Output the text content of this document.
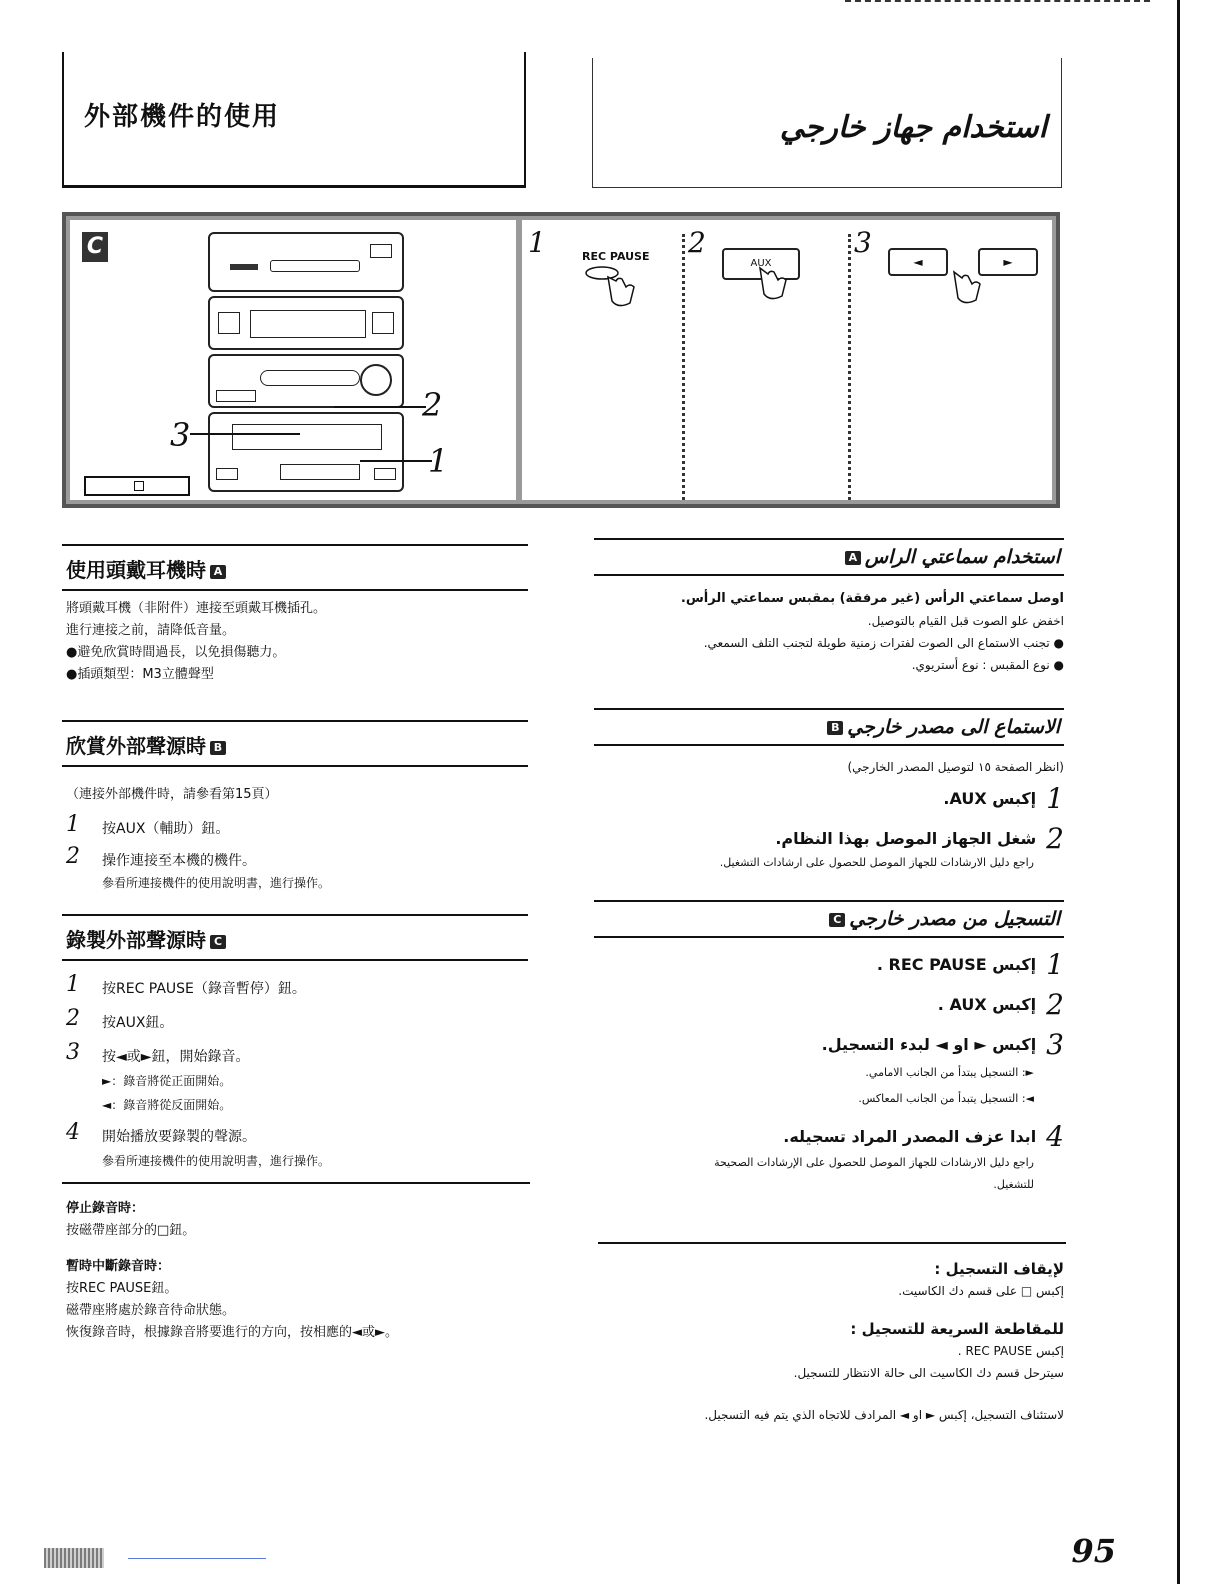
外部機件的使用	استخدام جهاز خارجي
C
2
3
1
1	2	3
REC PAUSE
AUX	◄	►
使用頭戴耳機時 A
將頭戴耳機（非附件）連接至頭戴耳機插孔。
進行連接之前，請降低音量。
●避免欣賞時間過長，以免損傷聽力。
●插頭類型：M3立體聲型
欣賞外部聲源時 B
（連接外部機件時，請參看第15頁）
1 按AUX（輔助）鈕。
2 操作連接至本機的機件。
參看所連接機件的使用說明書，進行操作。
錄製外部聲源時 C
1 按REC PAUSE（錄音暫停）鈕。
2 按AUX鈕。
3 按◄或►鈕，開始錄音。
►：錄音將從正面開始。
◄：錄音將從反面開始。
4 開始播放要錄製的聲源。
參看所連接機件的使用說明書，進行操作。
停止錄音時：
按磁帶座部分的□鈕。
暫時中斷錄音時：
按REC PAUSE鈕。
磁帶座將處於錄音待命狀態。
恢復錄音時，根據錄音將要進行的方向，按相應的◄或►。
استخدام سماعتي الراسA
اوصل سماعتي الرأس (غير مرفقة) بمقبس سماعتي الرأس.
اخفض علو الصوت قبل القيام بالتوصيل.
● تجنب الاستماع الى الصوت لفترات زمنية طويلة لتجنب التلف السمعي.
● نوع المقبس : نوع أستريوي.
الاستماع الى مصدر خارجيB
(انظر الصفحة ١٥ لتوصيل المصدر الخارجي)
1إكبس AUX.
2شغل الجهاز الموصل بهذا النظام.
راجع دليل الارشادات للجهاز الموصل للحصول على ارشادات التشغيل.
التسجيل من مصدر خارجيC
1إكبس REC PAUSE .
2إكبس AUX .
3إكبس ► او ◄ لبدء التسجيل.
►: التسجيل يبتدأ من الجانب الامامي.
◄: التسجيل يتبدأ من الجانب المعاكس.
4ابدا عزف المصدر المراد تسجيله.
راجع دليل الارشادات للجهاز الموصل للحصول على الإرشادات الصحيحة
للتشغيل.
لإيقاف التسجيل :
إكبس □ على قسم دك الكاسيت.
للمقاطعة السريعة للتسجيل :
إكبس REC PAUSE .
سيترحل قسم دك الكاسيت الى حالة الانتظار للتسجيل.
لاستئناف التسجيل، إكبس ► او ◄ المرادف للاتجاه الذي يتم فيه التسجيل.
95
